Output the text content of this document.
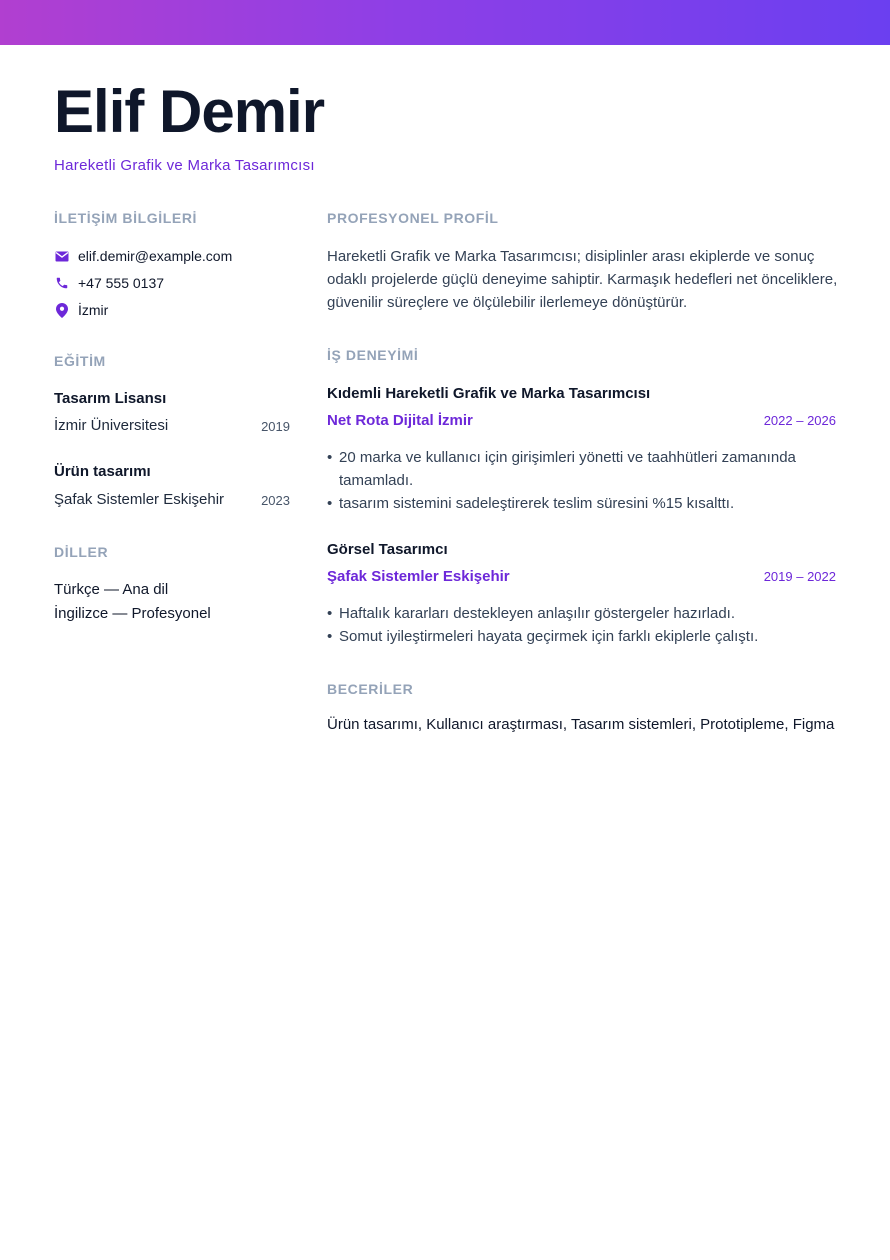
Elif Demir
Hareketli Grafik ve Marka Tasarımcısı
İLETİŞİM BİLGİLERİ
elif.demir@example.com
+47 555 0137
İzmir
EĞİTİM
Tasarım Lisansı
İzmir Üniversitesi	2019
Ürün tasarımı
Şafak Sistemler Eskişehir	2023
DİLLER
Türkçe — Ana dil
İngilizce — Profesyonel
PROFESYONEL PROFİL

Hareketli Grafik ve Marka Tasarımcısı; disiplinler arası ekiplerde ve sonuç odaklı projelerde güçlü deneyime sahiptir. Karmaşık hedefleri net önceliklere, güvenilir süreçlere ve ölçülebilir ilerlemeye dönüştürür.

İŞ DENEYİMİ
Kıdemli Hareketli Grafik ve Marka Tasarımcısı
Net Rota Dijital İzmir	2022 – 2026
• 20 marka ve kullanıcı için girişimleri yönetti ve taahhütleri zamanında tamamladı.
• tasarım sistemini sadeleştirerek teslim süresini %15 kısalttı.
Görsel Tasarımcı
Şafak Sistemler Eskişehir	2019 – 2022
• Haftalık kararları destekleyen anlaşılır göstergeler hazırladı.
• Somut iyileştirmeleri hayata geçirmek için farklı ekiplerle çalıştı.
BECERİLER
Ürün tasarımı, Kullanıcı araştırması, Tasarım sistemleri, Prototipleme, Figma
